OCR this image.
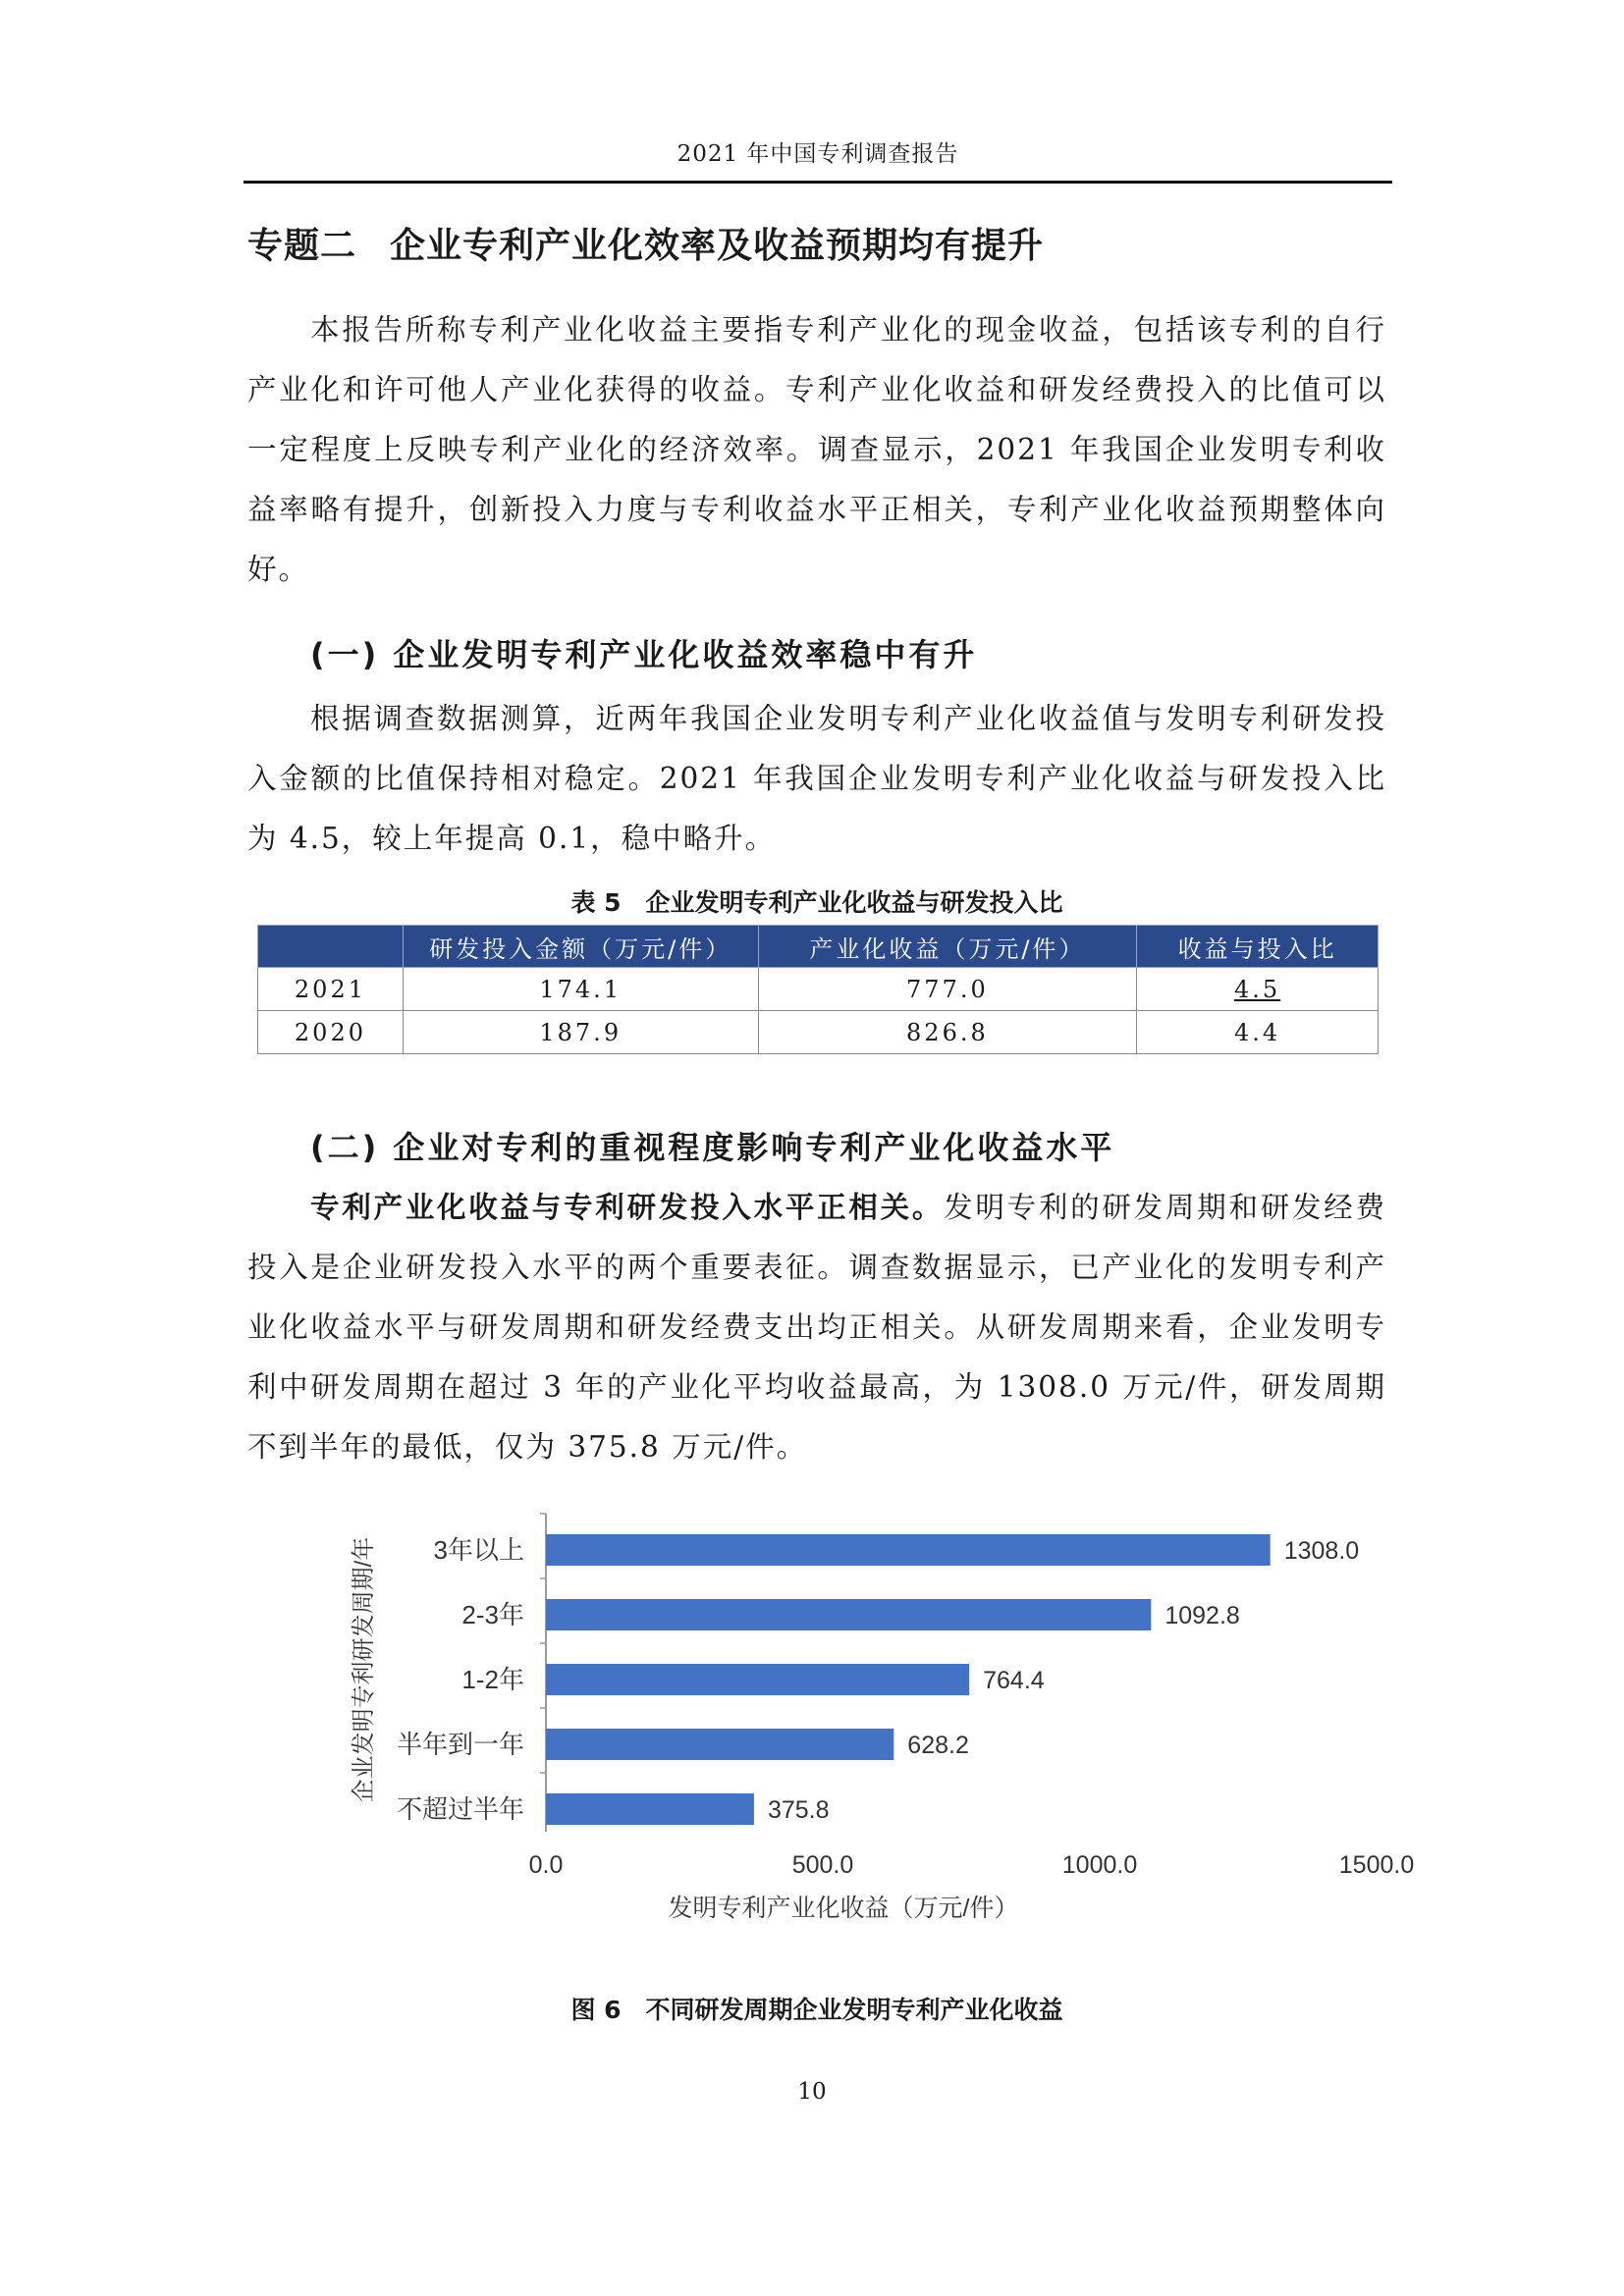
2021 年中国专利调查报告
专题二 企业专利产业化效率及收益预期均有提升
本报告所称专利产业化收益主要指专利产业化的现金收益，包括该专利的自行产业化和许可他人产业化获得的收益。专利产业化收益和研发经费投入的比值可以一定程度上反映专利产业化的经济效率。调查显示，2021 年我国企业发明专利收益率略有提升，创新投入力度与专利收益水平正相关，专利产业化收益预期整体向好。
(一) 企业发明专利产业化收益效率稳中有升
根据调查数据测算，近两年我国企业发明专利产业化收益值与发明专利研发投入金额的比值保持相对稳定。2021 年我国企业发明专利产业化收益与研发投入比为 4.5，较上年提高 0.1，稳中略升。
表 5　企业发明专利产业化收益与研发投入比
	研发投入金额（万元/件）	产业化收益（万元/件）	收益与投入比
2021	174.1	777.0	4.5
2020	187.9	826.8	4.4
(二) 企业对专利的重视程度影响专利产业化收益水平
专利产业化收益与专利研发投入水平正相关。发明专利的研发周期和研发经费投入是企业研发投入水平的两个重要表征。调查数据显示，已产业化的发明专利产业化收益水平与研发周期和研发经费支出均正相关。从研发周期来看，企业发明专利中研发周期在超过 3 年的产业化平均收益最高，为 1308.0 万元/件，研发周期不到半年的最低，仅为 375.8 万元/件。
3年以上	1308.0
2-3年	1092.8
1-2年	764.4
半年到一年	628.2
不超过半年	375.8
0.0	500.0	1000.0	1500.0
发明专利产业化收益（万元/件）
企业发明专利研发周期/年
图 6　不同研发周期企业发明专利产业化收益
10
